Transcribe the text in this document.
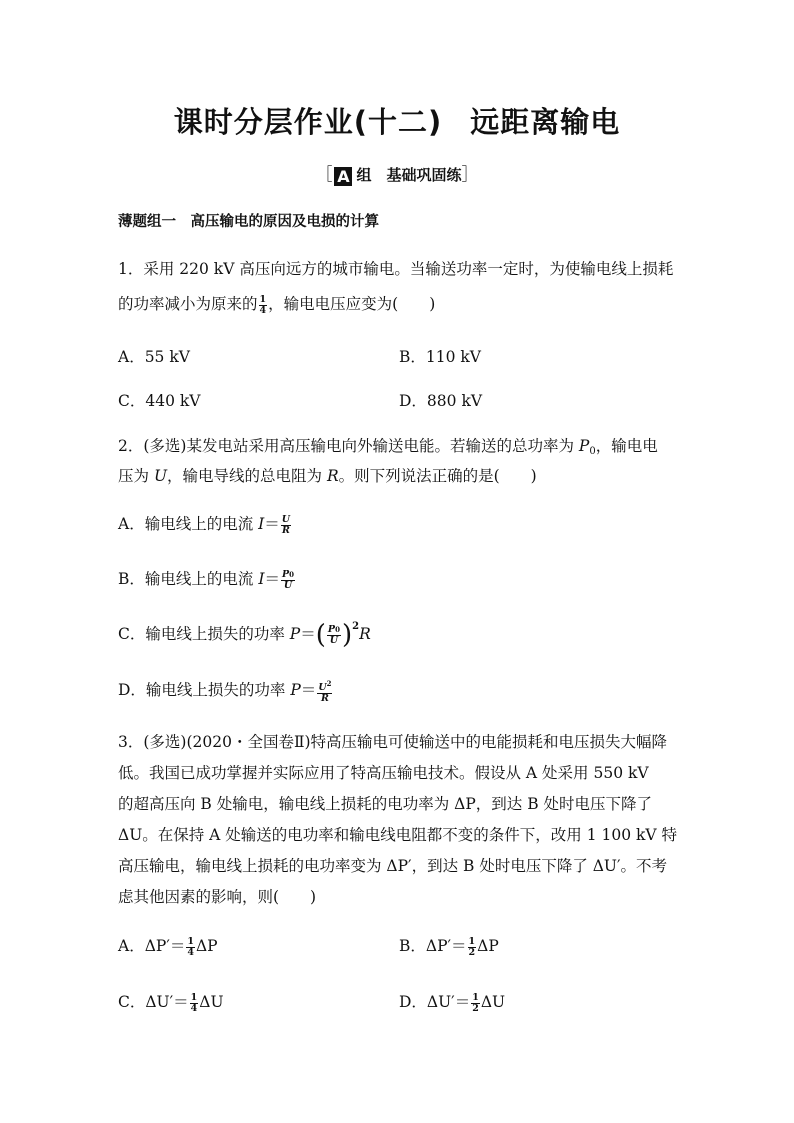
课时分层作业(十二) 远距离输电
［ A 组　基础巩固练］
薄题组一　高压输电的原因及电损的计算
1．采用 220 kV 高压向远方的城市输电。当输送功率一定时，为使输电线上损耗
的功率减小为原来的 $\frac{1}{4}$ ，输电电压应变为(　　)
A．55 kV	B．110 kV
C．440 kV	D．880 kV
2．(多选)某发电站采用高压输电向外输送电能。若输送的总功率为 $P_0$，输电电
压为 U，输电导线的总电阻为 R。则下列说法正确的是(　　)
A．输电线上的电流 $I= \frac{U}{R}$
B．输电线上的电流 $I= \frac{P0}{U}$
C．输电线上损失的功率 $P=( \frac{P0}{U} )^2R$
D．输电线上损失的功率 $P= \frac{U^2}{R}$
3．(多选)(2020・全国卷Ⅱ)特高压输电可使输送中的电能损耗和电压损失大幅降
低。我国已成功掌握并实际应用了特高压输电技术。假设从 A 处采用 550 kV
的超高压向 B 处输电，输电线上损耗的电功率为 ΔP，到达 B 处时电压下降了
ΔU。在保持 A 处输送的电功率和输电线电阻都不变的条件下，改用 1 100 kV 特
高压输电，输电线上损耗的电功率变为 ΔP′，到达 B 处时电压下降了 ΔU′。不考
虑其他因素的影响，则(　　)
A．$\Delta P'= \frac{1}{4}$ ΔP	B．$\Delta P'= \frac{1}{2}$ ΔP
C．$\Delta U'= \frac{1}{4}$ ΔU	D．$\Delta U'= \frac{1}{2}$ ΔU
